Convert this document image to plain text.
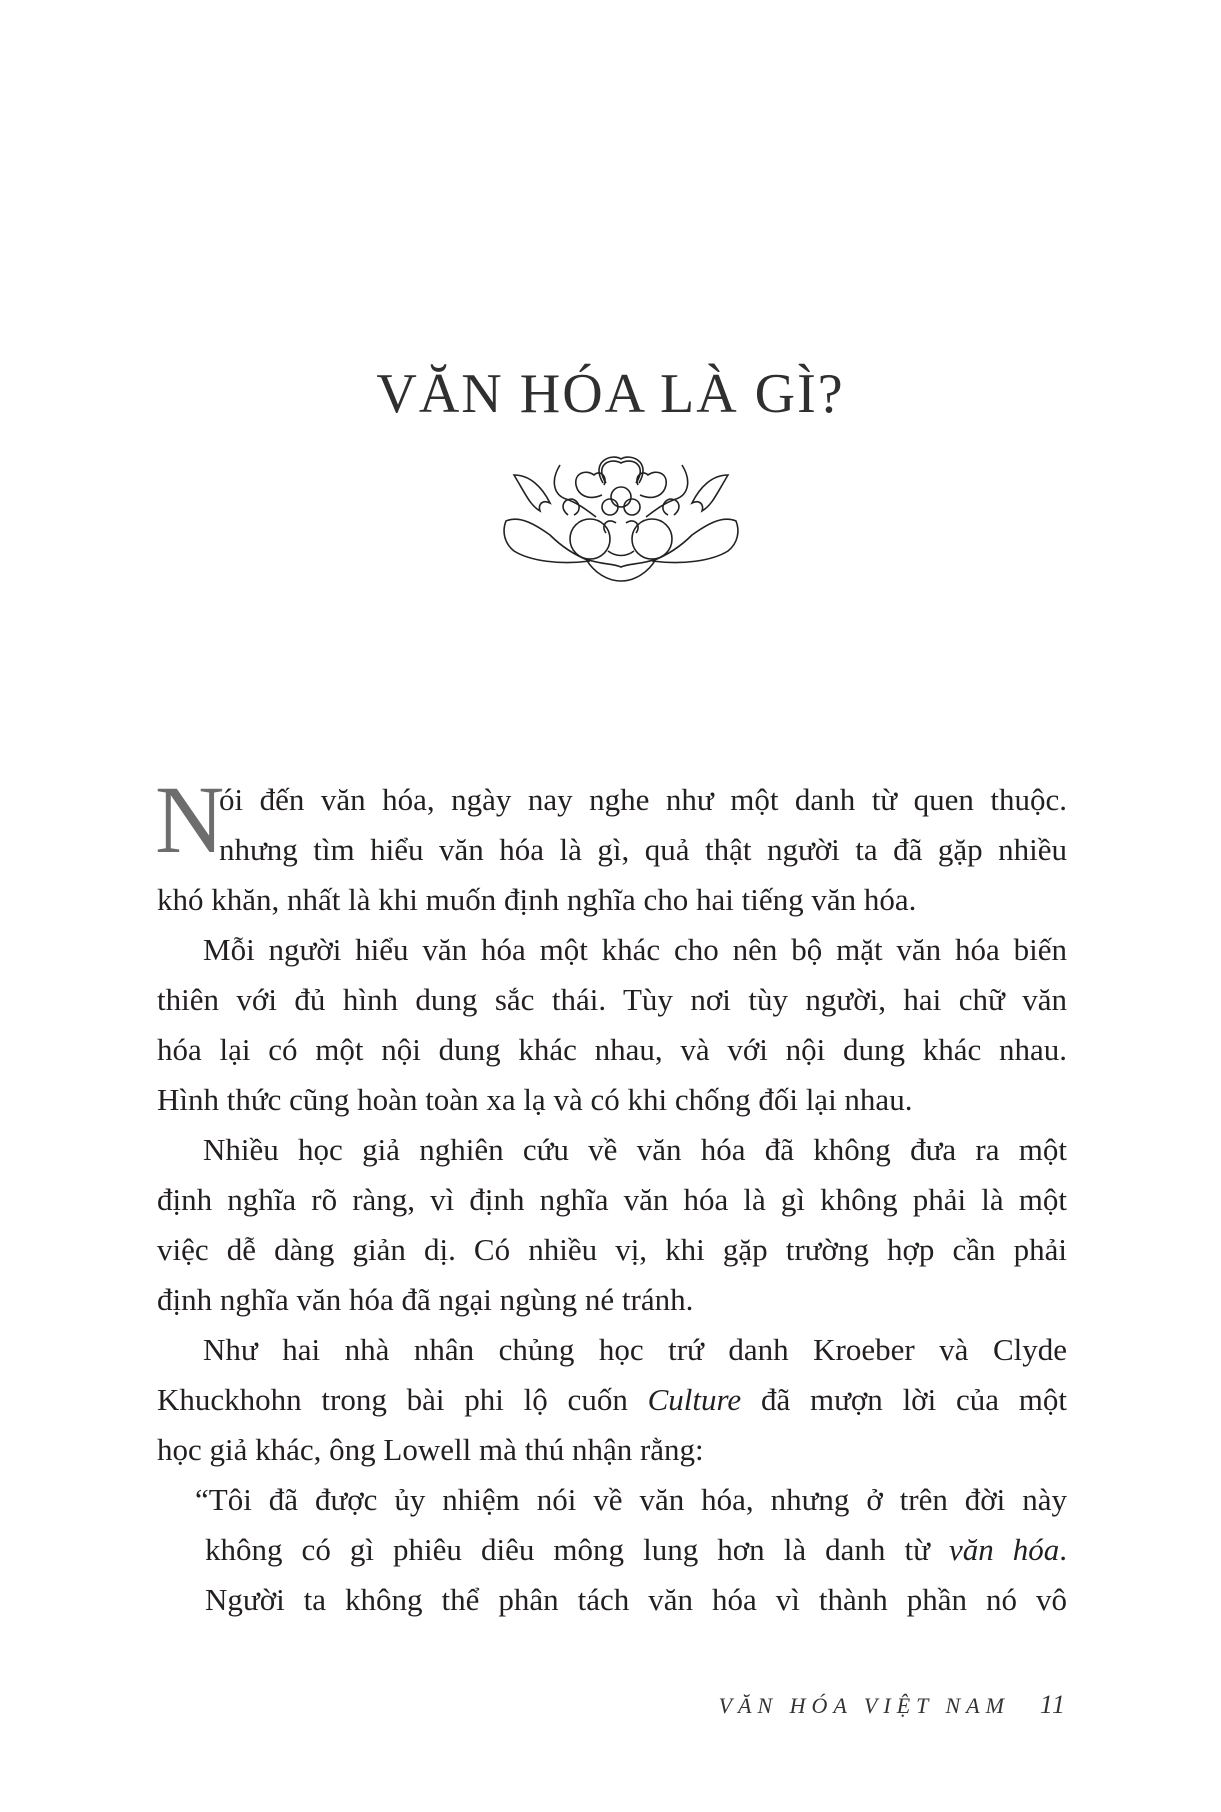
VĂN HÓA LÀ GÌ?
N
ói đến văn hóa, ngày nay nghe như một danh từ quen thuộc.
nhưng tìm hiểu văn hóa là gì, quả thật người ta đã gặp nhiều
khó khăn, nhất là khi muốn định nghĩa cho hai tiếng văn hóa.
Mỗi người hiểu văn hóa một khác cho nên bộ mặt văn hóa biến
thiên với đủ hình dung sắc thái. Tùy nơi tùy người, hai chữ văn
hóa lại có một nội dung khác nhau, và với nội dung khác nhau.
Hình thức cũng hoàn toàn xa lạ và có khi chống đối lại nhau.
Nhiều học giả nghiên cứu về văn hóa đã không đưa ra một
định nghĩa rõ ràng, vì định nghĩa văn hóa là gì không phải là một
việc dễ dàng giản dị. Có nhiều vị, khi gặp trường hợp cần phải
định nghĩa văn hóa đã ngại ngùng né tránh.
Như hai nhà nhân chủng học trứ danh Kroeber và Clyde
Khuckhohn trong bài phi lộ cuốn Culture đã mượn lời của một
học giả khác, ông Lowell mà thú nhận rằng:
“Tôi đã được ủy nhiệm nói về văn hóa, nhưng ở trên đời này
không có gì phiêu diêu mông lung hơn là danh từ văn hóa.
Người ta không thể phân tách văn hóa vì thành phần nó vô
VĂN HÓA VIỆT NAM 11
